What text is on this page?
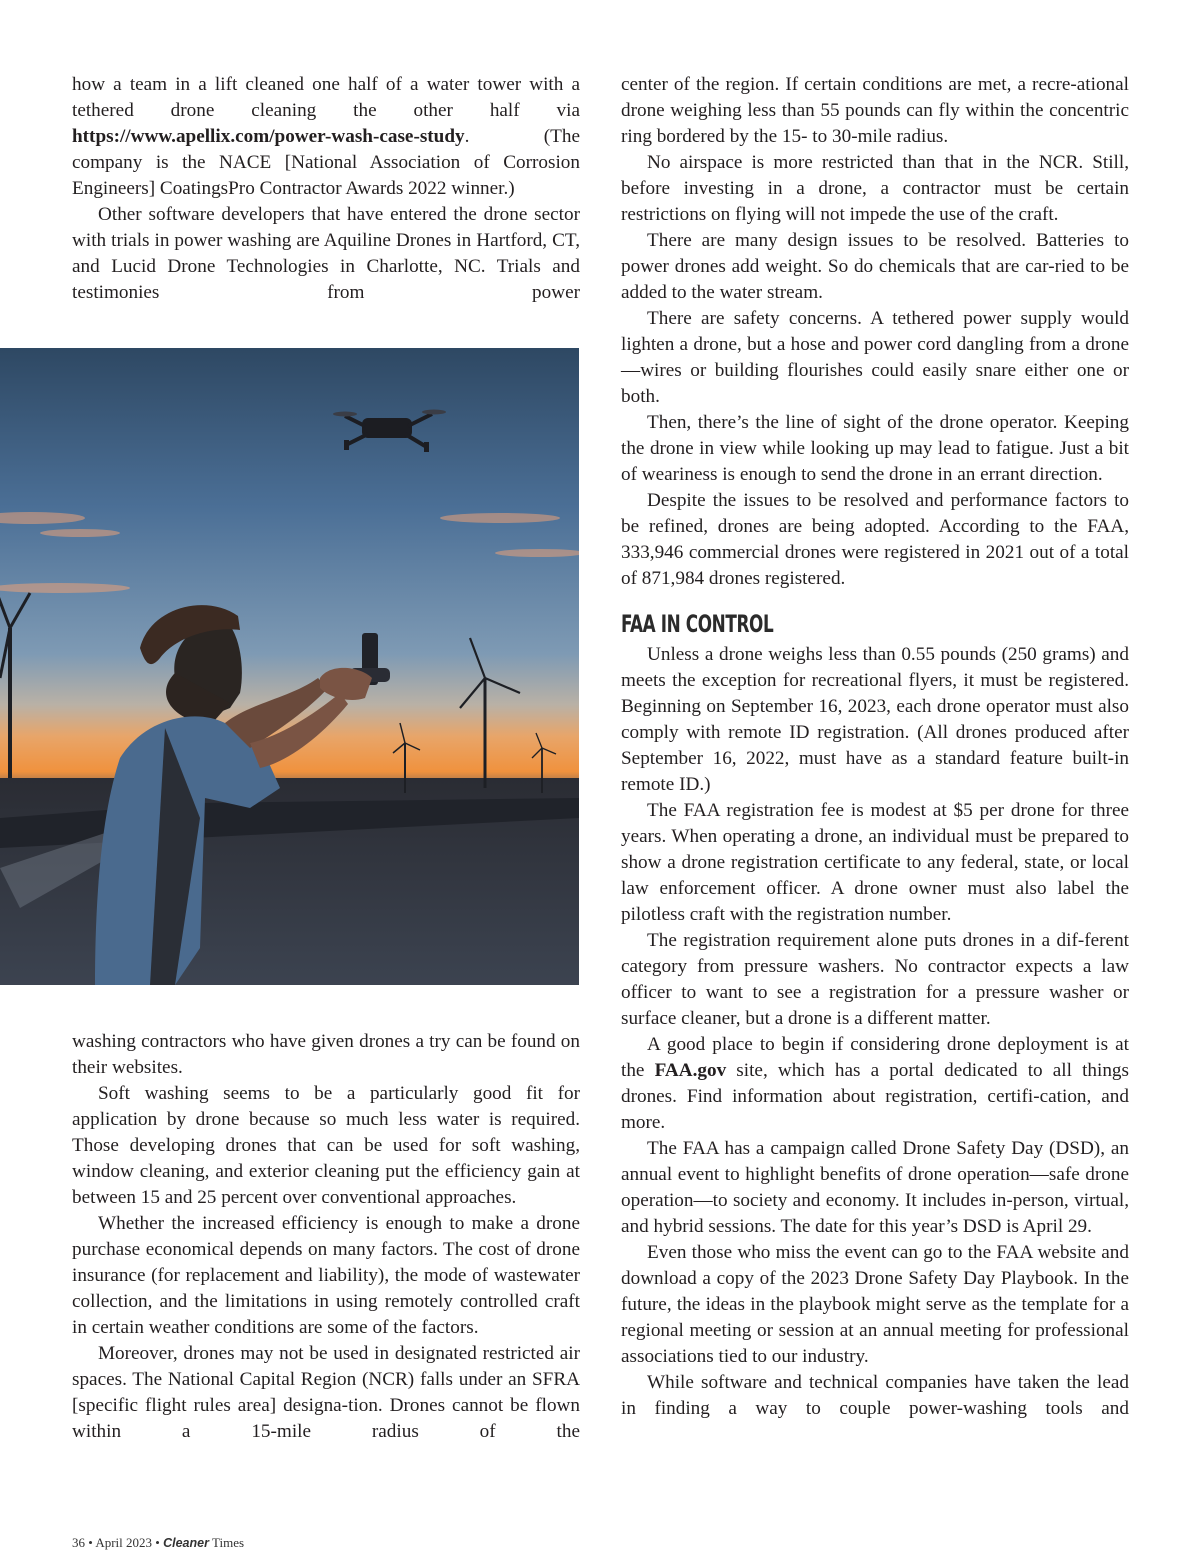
how a team in a lift cleaned one half of a water tower with a tethered drone cleaning the other half via https://www.apellix.com/power-wash-case-study. (The company is the NACE [National Association of Corrosion Engineers] CoatingsPro Contractor Awards 2022 winner.)

Other software developers that have entered the drone sector with trials in power washing are Aquiline Drones in Hartford, CT, and Lucid Drone Technologies in Charlotte, NC. Trials and testimonies from power

washing contractors who have given drones a try can be found on their websites.

Soft washing seems to be a particularly good fit for application by drone because so much less water is required. Those developing drones that can be used for soft washing, window cleaning, and exterior cleaning put the efficiency gain at between 15 and 25 percent over conventional approaches.

Whether the increased efficiency is enough to make a drone purchase economical depends on many factors. The cost of drone insurance (for replacement and liability), the mode of wastewater collection, and the limitations in using remotely controlled craft in certain weather conditions are some of the factors.

Moreover, drones may not be used in designated restricted air spaces. The National Capital Region (NCR) falls under an SFRA [specific flight rules area] designa-tion. Drones cannot be flown within a 15-mile radius of the

center of the region. If certain conditions are met, a recre-ational drone weighing less than 55 pounds can fly within the concentric ring bordered by the 15- to 30-mile radius.

No airspace is more restricted than that in the NCR. Still, before investing in a drone, a contractor must be certain restrictions on flying will not impede the use of the craft.

There are many design issues to be resolved. Batteries to power drones add weight. So do chemicals that are car-ried to be added to the water stream.

There are safety concerns. A tethered power supply would lighten a drone, but a hose and power cord dangling from a drone—wires or building flourishes could easily snare either one or both.

Then, there’s the line of sight of the drone operator. Keeping the drone in view while looking up may lead to fatigue. Just a bit of weariness is enough to send the drone in an errant direction.

Despite the issues to be resolved and performance factors to be refined, drones are being adopted. According to the FAA, 333,946 commercial drones were registered in 2021 out of a total of 871,984 drones registered.

FAA IN CONTROL

Unless a drone weighs less than 0.55 pounds (250 grams) and meets the exception for recreational flyers, it must be registered. Beginning on September 16, 2023, each drone operator must also comply with remote ID registration. (All drones produced after September 16, 2022, must have as a standard feature built-in remote ID.)

The FAA registration fee is modest at $5 per drone for three years. When operating a drone, an individual must be prepared to show a drone registration certificate to any federal, state, or local law enforcement officer. A drone owner must also label the pilotless craft with the registration number.

The registration requirement alone puts drones in a dif-ferent category from pressure washers. No contractor expects a law officer to want to see a registration for a pressure washer or surface cleaner, but a drone is a different matter.

A good place to begin if considering drone deployment is at the FAA.gov site, which has a portal dedicated to all things drones. Find information about registration, certifi-cation, and more.

The FAA has a campaign called Drone Safety Day (DSD), an annual event to highlight benefits of drone operation—safe drone operation—to society and economy. It includes in-person, virtual, and hybrid sessions. The date for this year’s DSD is April 29.

Even those who miss the event can go to the FAA website and download a copy of the 2023 Drone Safety Day Playbook. In the future, the ideas in the playbook might serve as the template for a regional meeting or session at an annual meeting for professional associations tied to our industry.

While software and technical companies have taken the lead in finding a way to couple power-washing tools and

36 • April 2023 • Cleaner Times
